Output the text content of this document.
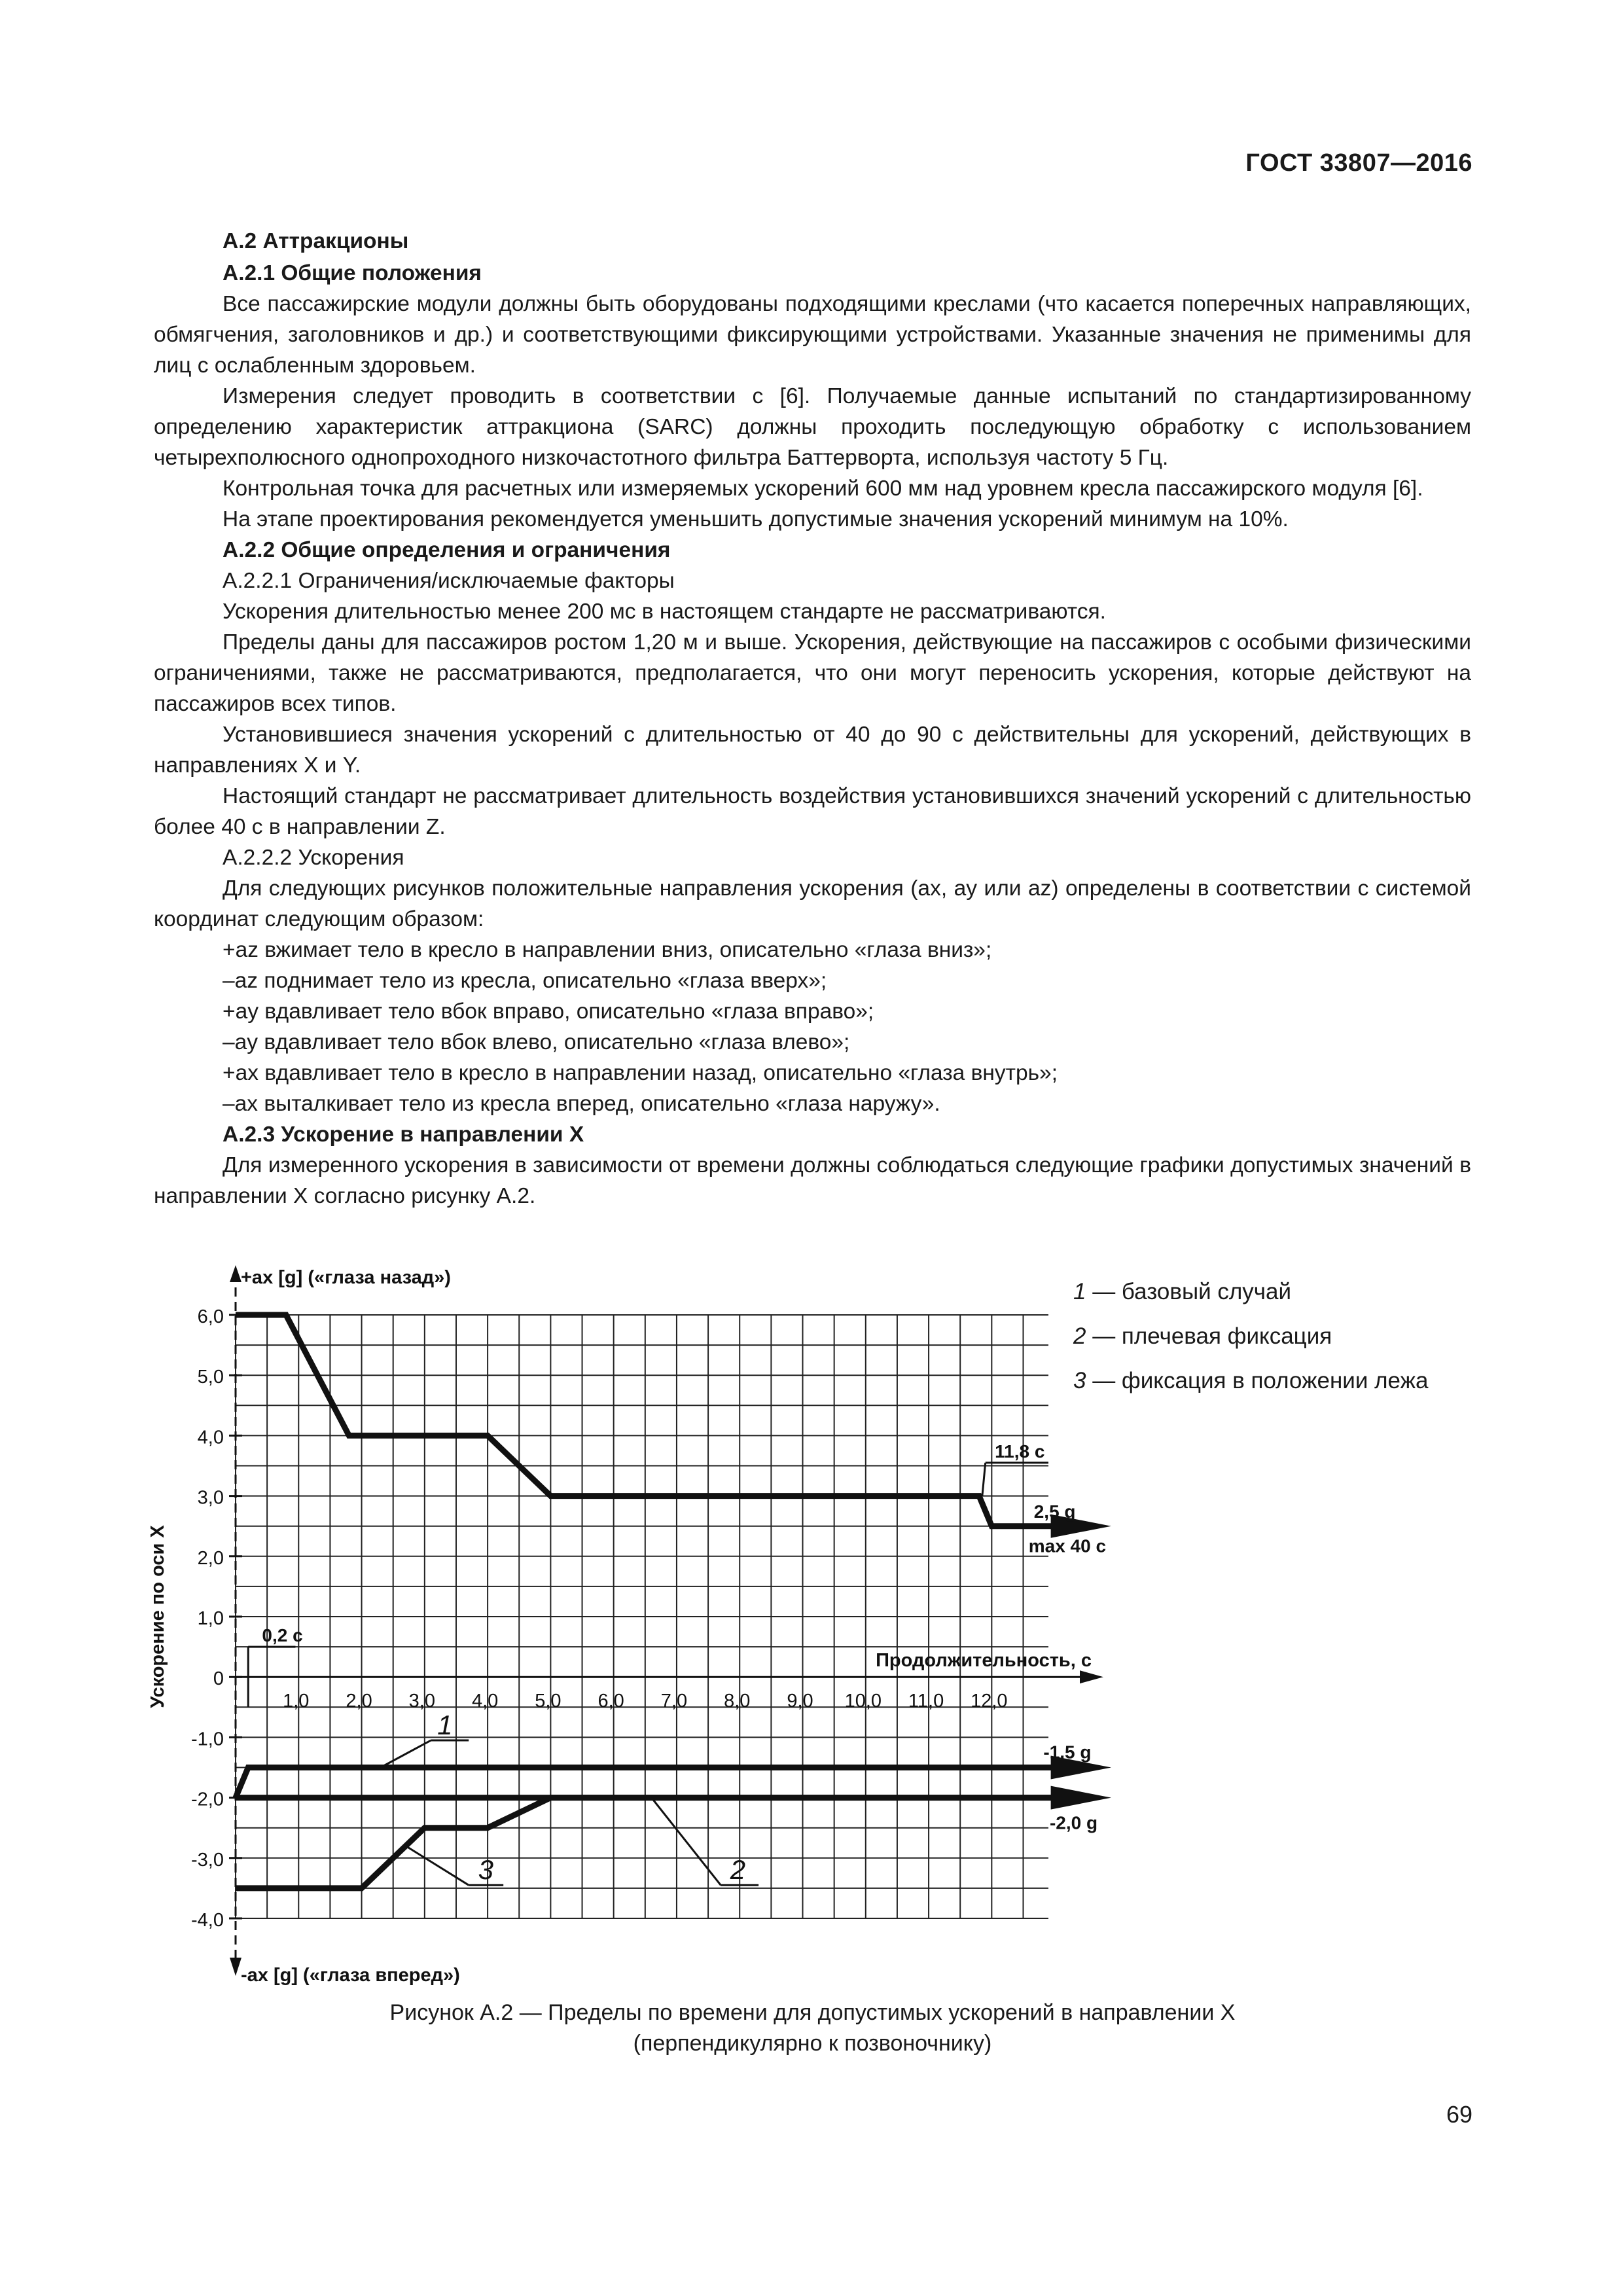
ГОСТ 33807—2016

А.2 Аттракционы

А.2.1 Общие положения

Все пассажирские модули должны быть оборудованы подходящими креслами (что касается поперечных направляющих, обмягчения, заголовников и др.) и соответствующими фиксирующими устройствами. Указанные значения не применимы для лиц с ослабленным здоровьем.

Измерения следует проводить в соответствии с [6]. Получаемые данные испытаний по стандартизированному определению характеристик аттракциона (SARC) должны проходить последующую обработку с использованием четырехполюсного однопроходного низкочастотного фильтра Баттерворта, используя частоту 5 Гц.

Контрольная точка для расчетных или измеряемых ускорений 600 мм над уровнем кресла пассажирского модуля [6].

На этапе проектирования рекомендуется уменьшить допустимые значения ускорений минимум на 10%.

А.2.2 Общие определения и ограничения

А.2.2.1 Ограничения/исключаемые факторы

Ускорения длительностью менее 200 мс в настоящем стандарте не рассматриваются.

Пределы даны для пассажиров ростом 1,20 м и выше. Ускорения, действующие на пассажиров с особыми физическими ограничениями, также не рассматриваются, предполагается, что они могут переносить ускорения, которые действуют на пассажиров всех типов.

Установившиеся значения ускорений с длительностью от 40 до 90 с действительны для ускорений, действующих в направлениях X и Y.

Настоящий стандарт не рассматривает длительность воздействия установившихся значений ускорений с длительностью более 40 с в направлении Z.

А.2.2.2 Ускорения

Для следующих рисунков положительные направления ускорения (ax, ay или az) определены в соответствии с системой координат следующим образом:

+az вжимает тело в кресло в направлении вниз, описательно «глаза вниз»;

–az поднимает тело из кресла, описательно «глаза вверх»;

+ay вдавливает тело вбок вправо, описательно «глаза вправо»;

–ay вдавливает тело вбок влево, описательно «глаза влево»;

+ax вдавливает тело в кресло в направлении назад, описательно «глаза внутрь»;

–ax выталкивает тело из кресла вперед, описательно «глаза наружу».

А.2.3 Ускорение в направлении X

Для измеренного ускорения в зависимости от времени должны соблюдаться следующие графики допустимых значений в направлении X согласно рисунку А.2.

6,0
5,0
4,0
3,0
2,0
1,0
0
-1,0
-2,0
-3,0
-4,0
1,0 2,0 3,0 4,0 5,0 6,0 7,0 8,0 9,0 10,0 11,0 12,0
+ax [g] («глаза назад»)
-ax [g] («глаза вперед»)
Ускорение по оси X	Продолжительность, с
0,2 с
11,8 с
2,5 g
max 40 с
-1,5 g
-2,0 g
1
2
3
1 — базовый случай
2 — плечевая фиксация
3 — фиксация в положении лежа
Рисунок А.2 — Пределы по времени для допустимых ускорений в направлении X
(перпендикулярно к позвоночнику)
69
